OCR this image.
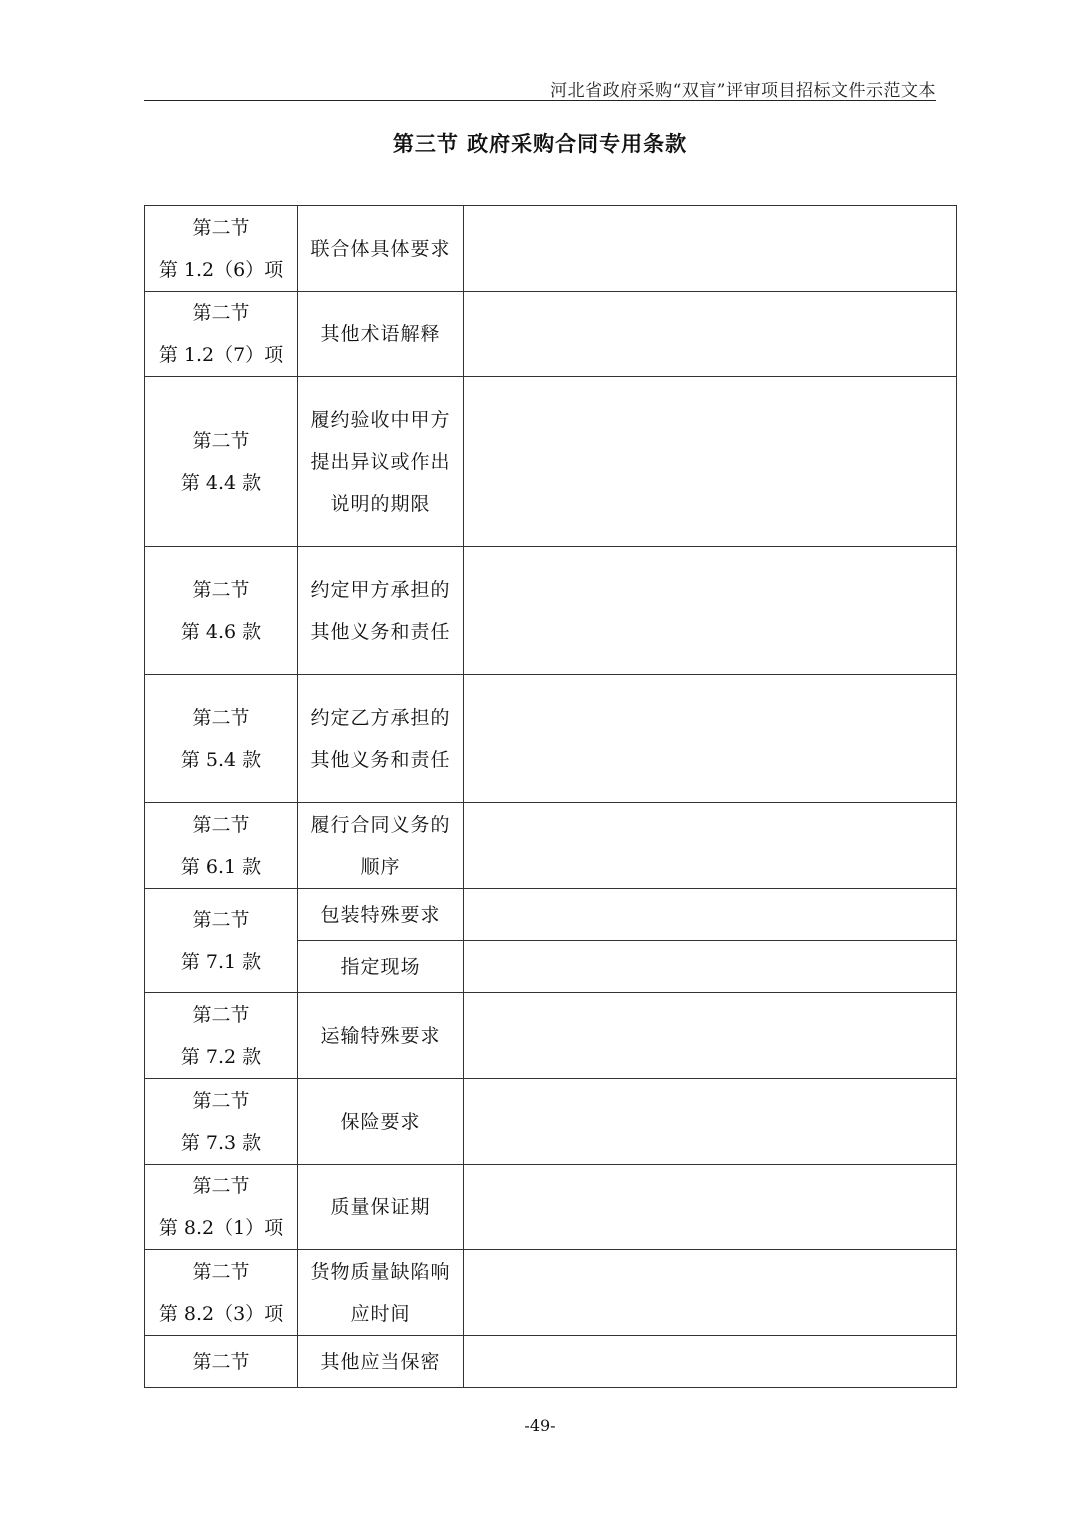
河北省政府采购“双盲”评审项目招标文件示范文本
第三节 政府采购合同专用条款
第二节
第 1.2（6）项	联合体具体要求	

第二节
第 1.2（7）项	其他术语解释	

第二节
第 4.4 款	履约验收中甲方提出异议或作出说明的期限	

第二节
第 4.6 款	约定甲方承担的其他义务和责任	

第二节
第 5.4 款	约定乙方承担的其他义务和责任	

第二节
第 6.1 款	履行合同义务的顺序	

第二节
第 7.1 款	包装特殊要求	
	指定现场	

第二节
第 7.2 款	运输特殊要求	

第二节
第 7.3 款	保险要求	

第二节
第 8.2（1）项	质量保证期	

第二节
第 8.2（3）项	货物质量缺陷响应时间	

第二节	其他应当保密	
-49-
